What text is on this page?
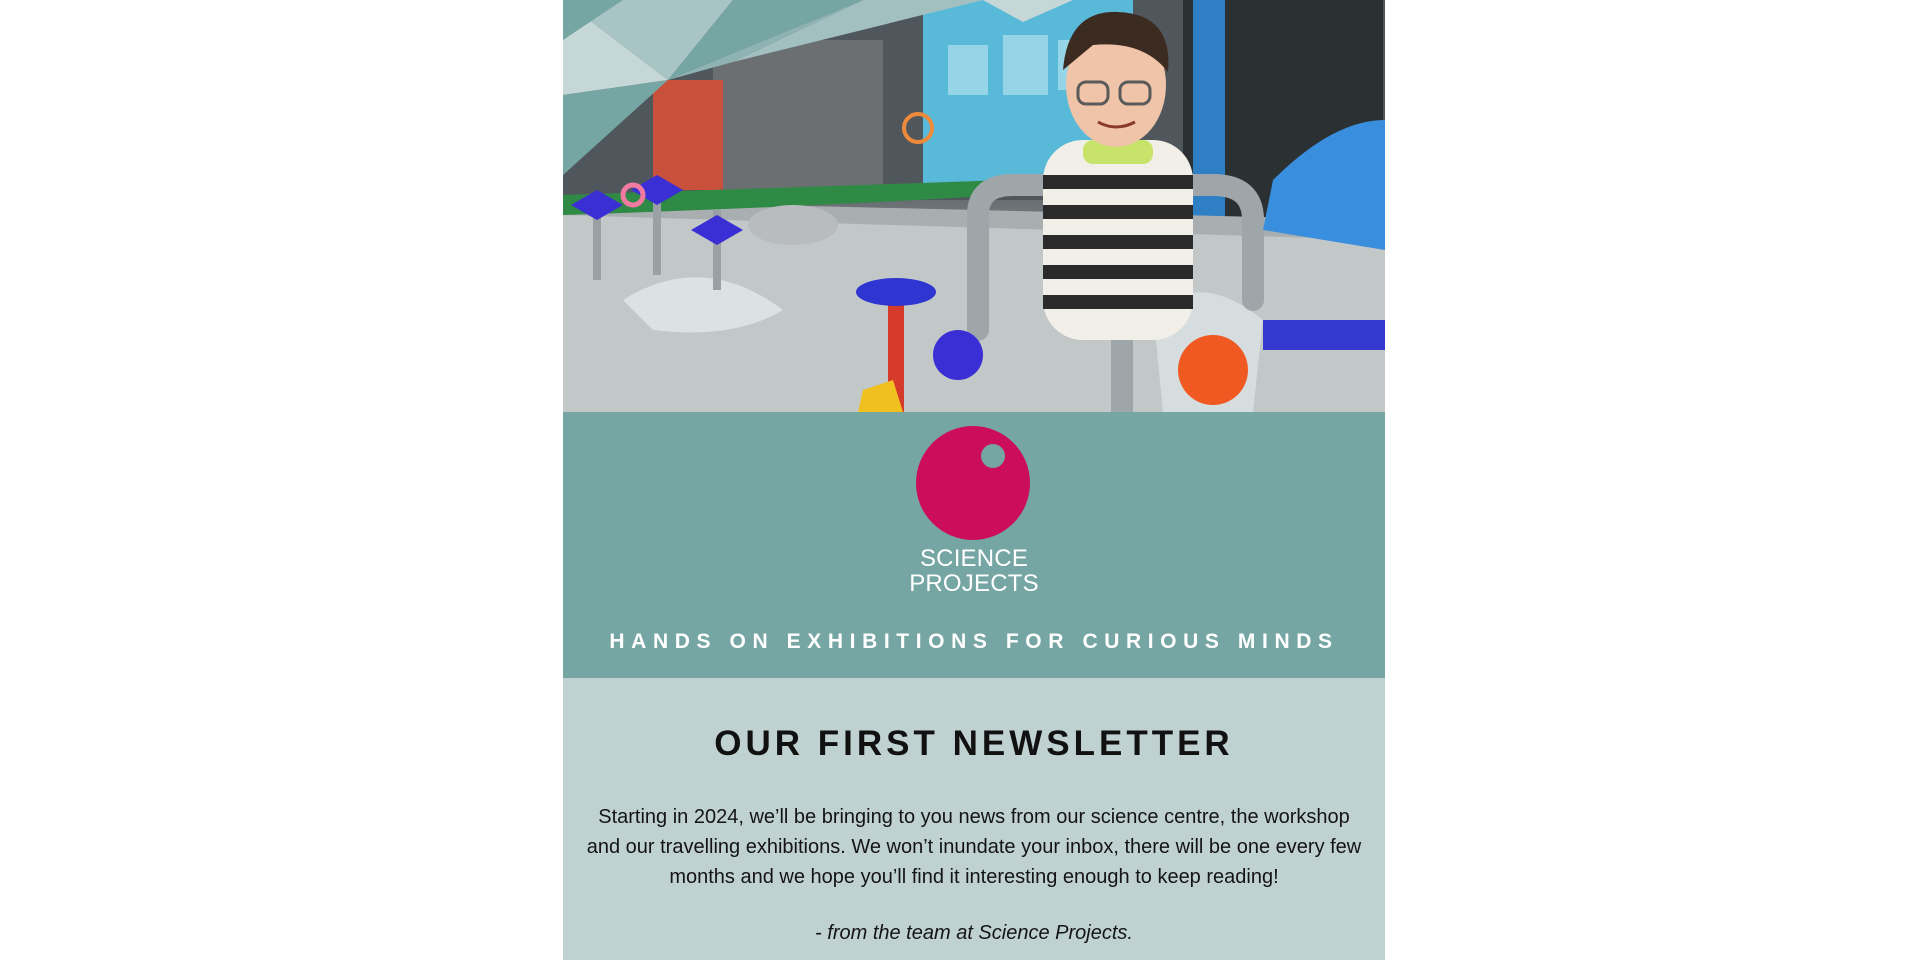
SCIENCE
PROJECTS
HANDS ON EXHIBITIONS FOR CURIOUS MINDS
OUR FIRST NEWSLETTER
Starting in 2024, we’ll be bringing to you news from our science centre, the workshop and our travelling exhibitions. We won’t inundate your inbox, there will be one every few months and we hope you’ll find it interesting enough to keep reading!
- from the team at Science Projects.
